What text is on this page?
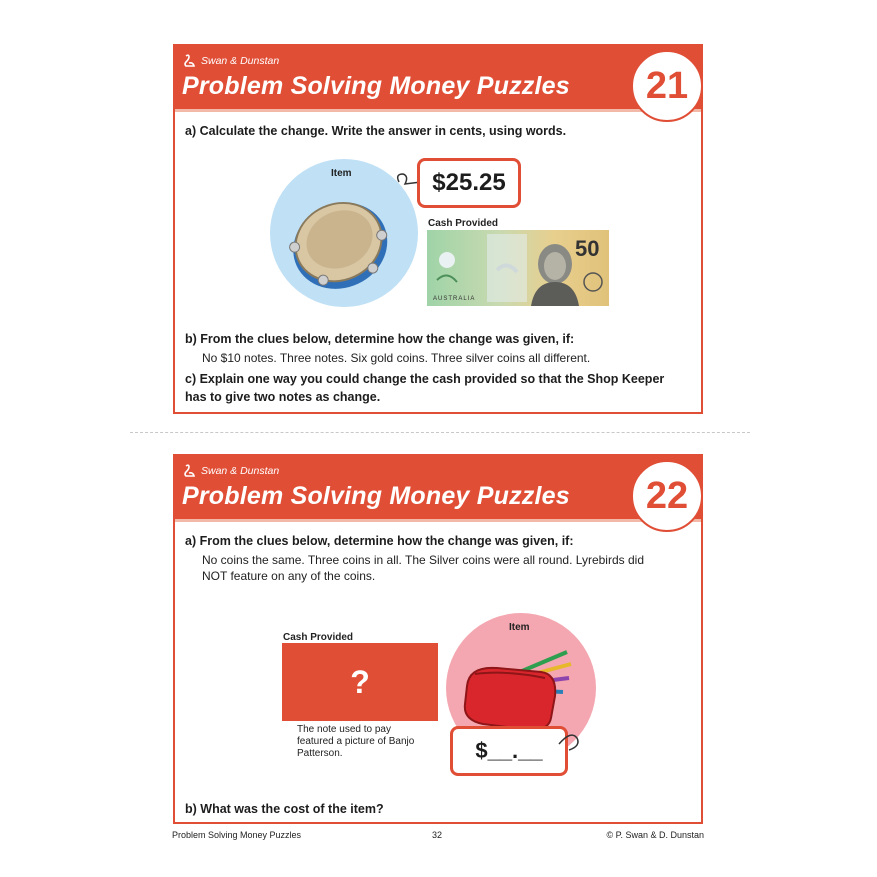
Swan & Dunstan
Problem Solving Money Puzzles	21
a) Calculate the change. Write the answer in cents, using words.
Item	$25.25
Cash Provided
50
AUSTRALIA
b) From the clues below, determine how the change was given, if:
No $10 notes. Three notes. Six gold coins. Three silver coins all different.
c) Explain one way you could change the cash provided so that the Shop Keeper
has to give two notes as change.
Swan & Dunstan
Problem Solving Money Puzzles	22
a) From the clues below, determine how the change was given, if:
No coins the same. Three coins in all. The Silver coins were all round. Lyrebirds did
NOT feature on any of the coins.
Cash Provided
?
The note used to pay
featured a picture of Banjo
Patterson.
Item
$__.__
b) What was the cost of the item?
Problem Solving Money Puzzles	32	© P. Swan & D. Dunstan
